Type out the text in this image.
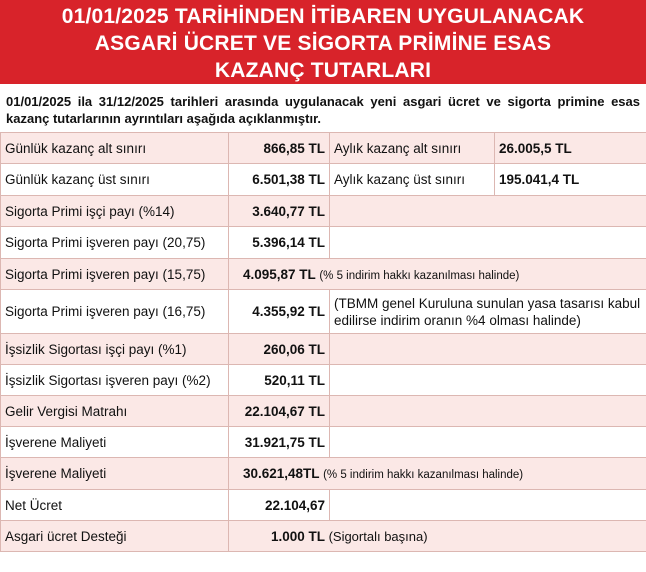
01/01/2025 TARİHİNDEN İTİBAREN UYGULANACAK
ASGARİ ÜCRET VE SİGORTA PRİMİNE ESAS
KAZANÇ TUTARLARI
01/01/2025 ila 31/12/2025 tarihleri arasında uygulanacak yeni asgari ücret ve sigorta primine esas kazanç tutarlarının ayrıntıları aşağıda açıklanmıştır.
Günlük kazanç alt sınırı	866,85 TL	Aylık kazanç alt sınırı	26.005,5 TL
Günlük kazanç üst sınırı	6.501,38 TL	Aylık kazanç üst sınırı	195.041,4 TL
Sigorta Primi işçi payı (%14)	3.640,77 TL		
Sigorta Primi işveren payı (20,75)	5.396,14 TL		
Sigorta Primi işveren payı (15,75)	4.095,87 TL (% 5 indirim hakkı kazanılması halinde)		
Sigorta Primi işveren payı (16,75)	4.355,92 TL	(TBMM genel Kuruluna sunulan yasa tasarısı kabul edilirse indirim oranın %4 olması halinde)	
İşsizlik Sigortası işçi payı (%1)	260,06 TL		
İşsizlik Sigortası işveren payı (%2)	520,11 TL		
Gelir Vergisi Matrahı	22.104,67 TL		
İşverene Maliyeti	31.921,75 TL		
İşverene Maliyeti	30.621,48TL (% 5 indirim hakkı kazanılması halinde)		
Net Ücret	22.104,67		
Asgari ücret Desteği	1.000 TL (Sigortalı başına)		
